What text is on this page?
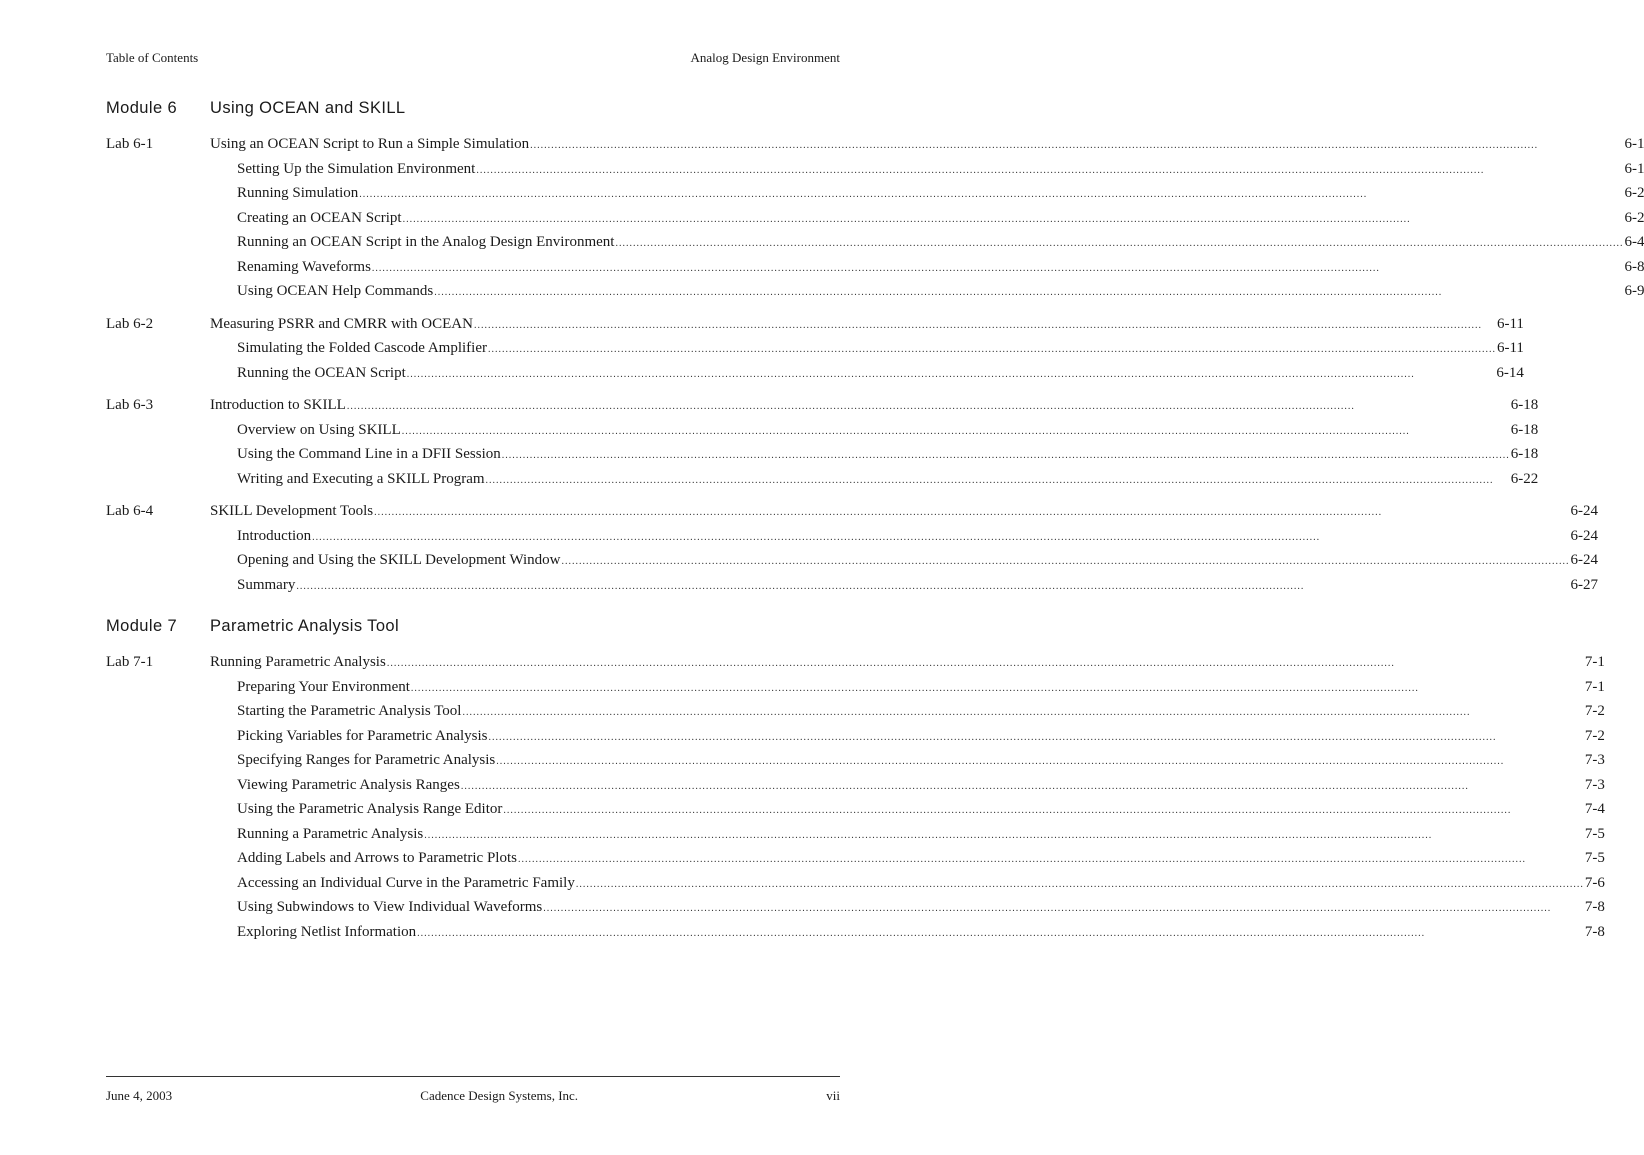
Table of Contents	Analog Design Environment
Module 6	Using OCEAN and SKILL
Lab 6-1	Using an OCEAN Script to Run a Simple Simulation .....	6-1
Setting Up the Simulation Environment .....	6-1
Running Simulation .....	6-2
Creating an OCEAN Script .....	6-2
Running an OCEAN Script in the Analog Design Environment .....	6-4
Renaming Waveforms .....	6-8
Using OCEAN Help Commands .....	6-9
Lab 6-2	Measuring PSRR and CMRR with OCEAN .....	6-11
Simulating the Folded Cascode Amplifier .....	6-11
Running the OCEAN Script .....	6-14
Lab 6-3	Introduction to SKILL .....	6-18
Overview on Using SKILL .....	6-18
Using the Command Line in a DFII Session .....	6-18
Writing and Executing a SKILL Program .....	6-22
Lab 6-4	SKILL Development Tools .....	6-24
Introduction .....	6-24
Opening and Using the SKILL Development Window .....	6-24
Summary .....	6-27
Module 7	Parametric Analysis Tool
Lab 7-1	Running Parametric Analysis .....	7-1
Preparing Your Environment .....	7-1
Starting the Parametric Analysis Tool .....	7-2
Picking Variables for Parametric Analysis .....	7-2
Specifying Ranges for Parametric Analysis .....	7-3
Viewing Parametric Analysis Ranges .....	7-3
Using the Parametric Analysis Range Editor .....	7-4
Running a Parametric Analysis .....	7-5
Adding Labels and Arrows to Parametric Plots .....	7-5
Accessing an Individual Curve in the Parametric Family .....	7-6
Using Subwindows to View Individual Waveforms .....	7-8
Exploring Netlist Information .....	7-8
June 4, 2003	Cadence Design Systems, Inc.	vii
